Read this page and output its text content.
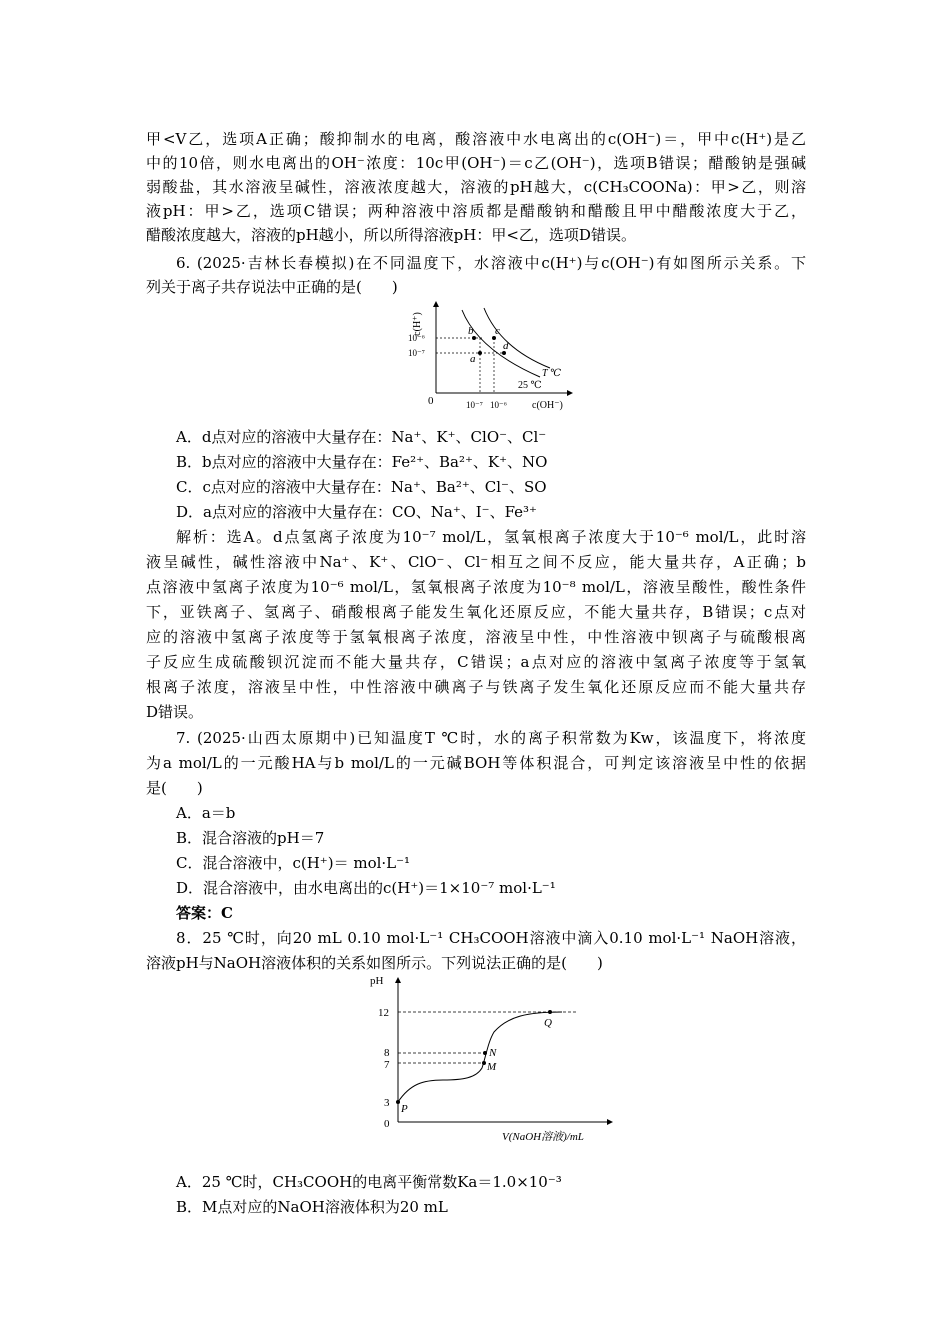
甲<V乙，选项A正确；酸抑制水的电离，酸溶液中水电离出的c(OH⁻)＝，甲中c(H⁺)是乙
中的10倍，则水电离出的OH⁻浓度：10c甲(OH⁻)＝c乙(OH⁻)，选项B错误；醋酸钠是强碱
弱酸盐，其水溶液呈碱性，溶液浓度越大，溶液的pH越大，c(CH₃COONa)：甲>乙，则溶
液pH：甲>乙，选项C错误；两种溶液中溶质都是醋酸钠和醋酸且甲中醋酸浓度大于乙，
醋酸浓度越大，溶液的pH越小，所以所得溶液pH：甲<乙，选项D错误。
6. (2025·吉林长春模拟)在不同温度下，水溶液中c(H⁺)与c(OH⁻)有如图所示关系。下
列关于离子共存说法中正确的是(　　)
c(H⁺)
10⁻⁶
10⁻⁷
0	10⁻⁷ 10⁻⁶	c(OH⁻)
b c
d
a
T ℃
25 ℃
A．d点对应的溶液中大量存在：Na⁺、K⁺、ClO⁻、Cl⁻
B．b点对应的溶液中大量存在：Fe²⁺、Ba²⁺、K⁺、NO
C．c点对应的溶液中大量存在：Na⁺、Ba²⁺、Cl⁻、SO
D．a点对应的溶液中大量存在：CO、Na⁺、I⁻、Fe³⁺
解析：选A。d点氢离子浓度为10⁻⁷ mol/L，氢氧根离子浓度大于10⁻⁶ mol/L，此时溶
液呈碱性，碱性溶液中Na⁺、K⁺、ClO⁻、Cl⁻相互之间不反应，能大量共存，A正确；b
点溶液中氢离子浓度为10⁻⁶ mol/L，氢氧根离子浓度为10⁻⁸ mol/L，溶液呈酸性，酸性条件
下，亚铁离子、氢离子、硝酸根离子能发生氧化还原反应，不能大量共存，B错误；c点对
应的溶液中氢离子浓度等于氢氧根离子浓度，溶液呈中性，中性溶液中钡离子与硫酸根离
子反应生成硫酸钡沉淀而不能大量共存，C错误；a点对应的溶液中氢离子浓度等于氢氧
根离子浓度，溶液呈中性，中性溶液中碘离子与铁离子发生氧化还原反应而不能大量共存
D错误。
7. (2025·山西太原期中)已知温度T ℃时，水的离子积常数为Kw，该温度下，将浓度
为a mol/L的一元酸HA与b mol/L的一元碱BOH等体积混合，可判定该溶液呈中性的依据
是(　　)
A．a＝b
B．混合溶液的pH＝7
C．混合溶液中，c(H⁺)＝ mol·L⁻¹
D．混合溶液中，由水电离出的c(H⁺)＝1×10⁻⁷ mol·L⁻¹
答案：C
8．25 ℃时，向20 mL 0.10 mol·L⁻¹ CH₃COOH溶液中滴入0.10 mol·L⁻¹ NaOH溶液，
溶液pH与NaOH溶液体积的关系如图所示。下列说法正确的是(　　)
pH
12
8
7
3
0
V(NaOH溶液)/mL
Q
N
M
P
A．25 ℃时，CH₃COOH的电离平衡常数Ka＝1.0×10⁻³
B．M点对应的NaOH溶液体积为20 mL
